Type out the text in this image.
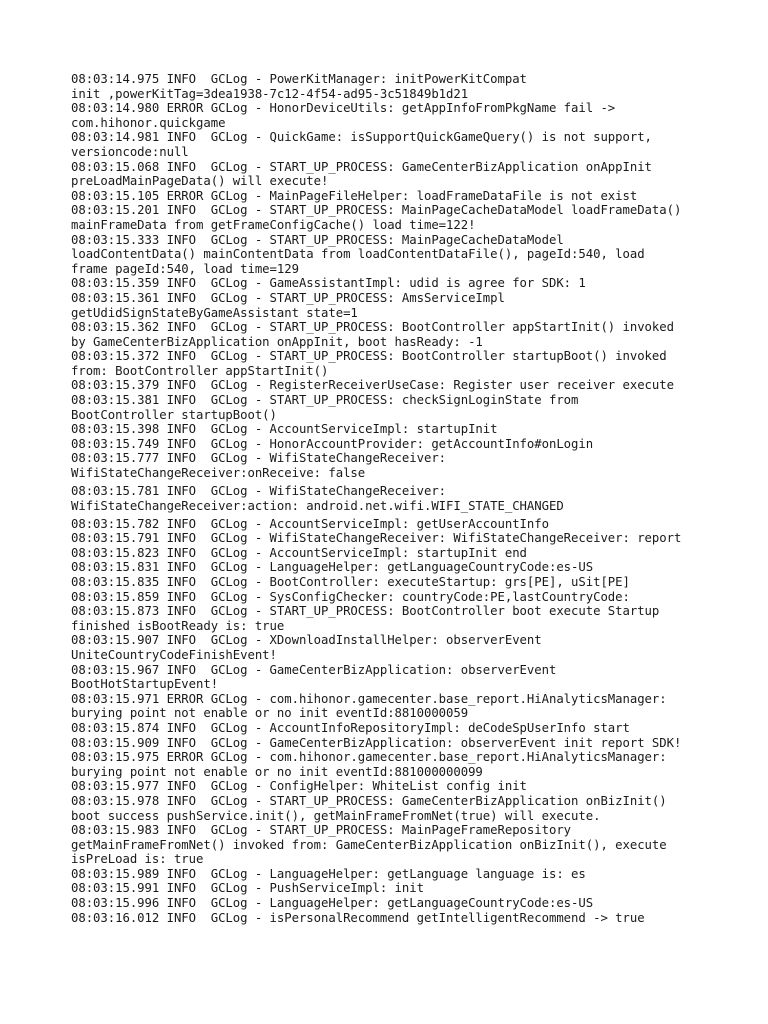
08:03:14.975 INFO  GCLog - PowerKitManager: initPowerKitCompat
init ,powerKitTag=3dea1938-7c12-4f54-ad95-3c51849b1d21
08:03:14.980 ERROR GCLog - HonorDeviceUtils: getAppInfoFromPkgName fail ->
com.hihonor.quickgame
08:03:14.981 INFO  GCLog - QuickGame: isSupportQuickGameQuery() is not support,
versioncode:null
08:03:15.068 INFO  GCLog - START_UP_PROCESS: GameCenterBizApplication onAppInit
preLoadMainPageData() will execute!
08:03:15.105 ERROR GCLog - MainPageFileHelper: loadFrameDataFile is not exist
08:03:15.201 INFO  GCLog - START_UP_PROCESS: MainPageCacheDataModel loadFrameData()
mainFrameData from getFrameConfigCache() load time=122!
08:03:15.333 INFO  GCLog - START_UP_PROCESS: MainPageCacheDataModel
loadContentData() mainContentData from loadContentDataFile(), pageId:540, load
frame pageId:540, load time=129
08:03:15.359 INFO  GCLog - GameAssistantImpl: udid is agree for SDK: 1
08:03:15.361 INFO  GCLog - START_UP_PROCESS: AmsServiceImpl
getUdidSignStateByGameAssistant state=1
08:03:15.362 INFO  GCLog - START_UP_PROCESS: BootController appStartInit() invoked
by GameCenterBizApplication onAppInit, boot hasReady: -1
08:03:15.372 INFO  GCLog - START_UP_PROCESS: BootController startupBoot() invoked
from: BootController appStartInit()
08:03:15.379 INFO  GCLog - RegisterReceiverUseCase: Register user receiver execute
08:03:15.381 INFO  GCLog - START_UP_PROCESS: checkSignLoginState from
BootController startupBoot()
08:03:15.398 INFO  GCLog - AccountServiceImpl: startupInit
08:03:15.749 INFO  GCLog - HonorAccountProvider: getAccountInfo#onLogin
08:03:15.777 INFO  GCLog - WifiStateChangeReceiver:
WifiStateChangeReceiver:onReceive: false
08:03:15.781 INFO  GCLog - WifiStateChangeReceiver:
WifiStateChangeReceiver:action: android.net.wifi.WIFI_STATE_CHANGED
08:03:15.782 INFO  GCLog - AccountServiceImpl: getUserAccountInfo
08:03:15.791 INFO  GCLog - WifiStateChangeReceiver: WifiStateChangeReceiver: report
08:03:15.823 INFO  GCLog - AccountServiceImpl: startupInit end
08:03:15.831 INFO  GCLog - LanguageHelper: getLanguageCountryCode:es-US
08:03:15.835 INFO  GCLog - BootController: executeStartup: grs[PE], uSit[PE]
08:03:15.859 INFO  GCLog - SysConfigChecker: countryCode:PE,lastCountryCode:
08:03:15.873 INFO  GCLog - START_UP_PROCESS: BootController boot execute Startup
finished isBootReady is: true
08:03:15.907 INFO  GCLog - XDownloadInstallHelper: observerEvent
UniteCountryCodeFinishEvent!
08:03:15.967 INFO  GCLog - GameCenterBizApplication: observerEvent
BootHotStartupEvent!
08:03:15.971 ERROR GCLog - com.hihonor.gamecenter.base_report.HiAnalyticsManager:
burying point not enable or no init eventId:8810000059
08:03:15.874 INFO  GCLog - AccountInfoRepositoryImpl: deCodeSpUserInfo start
08:03:15.909 INFO  GCLog - GameCenterBizApplication: observerEvent init report SDK!
08:03:15.975 ERROR GCLog - com.hihonor.gamecenter.base_report.HiAnalyticsManager:
burying point not enable or no init eventId:881000000099
08:03:15.977 INFO  GCLog - ConfigHelper: WhiteList config init
08:03:15.978 INFO  GCLog - START_UP_PROCESS: GameCenterBizApplication onBizInit()
boot success pushService.init(), getMainFrameFromNet(true) will execute.
08:03:15.983 INFO  GCLog - START_UP_PROCESS: MainPageFrameRepository
getMainFrameFromNet() invoked from: GameCenterBizApplication onBizInit(), execute
isPreLoad is: true
08:03:15.989 INFO  GCLog - LanguageHelper: getLanguage language is: es
08:03:15.991 INFO  GCLog - PushServiceImpl: init
08:03:15.996 INFO  GCLog - LanguageHelper: getLanguageCountryCode:es-US
08:03:16.012 INFO  GCLog - isPersonalRecommend getIntelligentRecommend -> true
